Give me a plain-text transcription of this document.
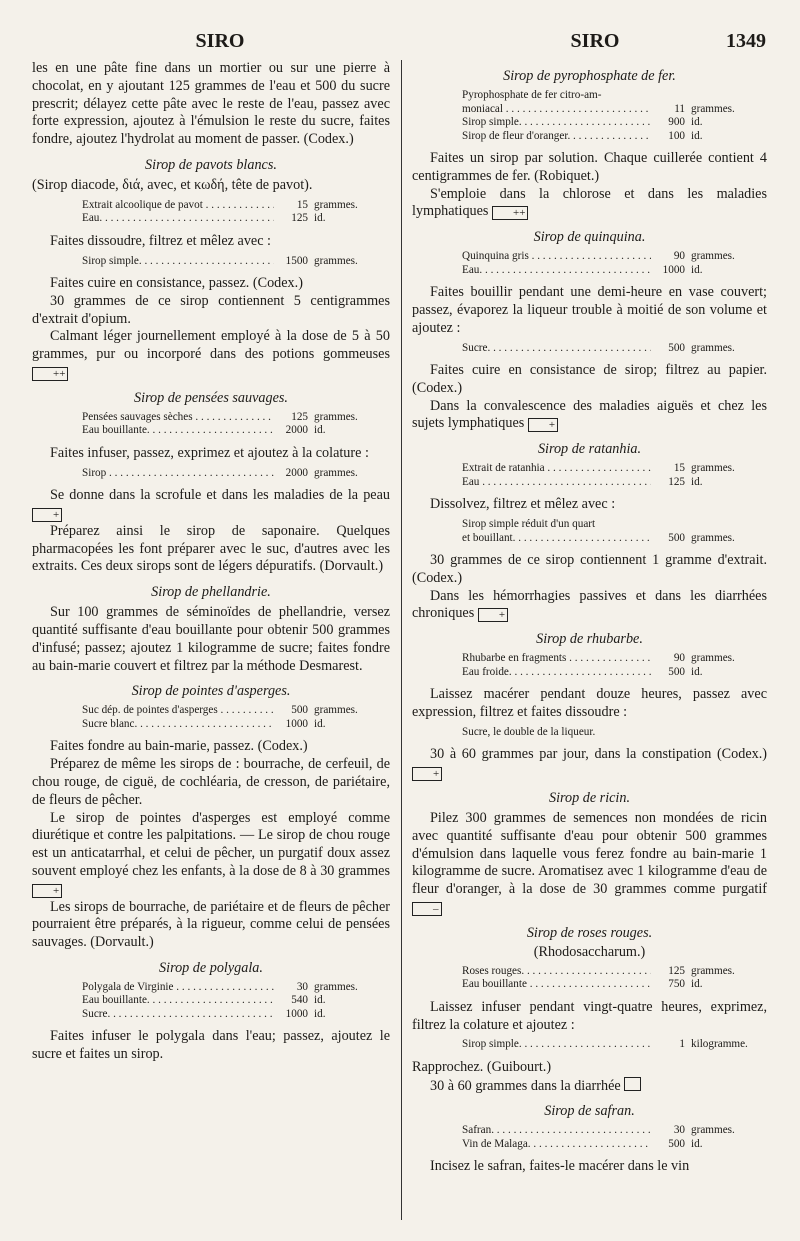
SIRO	SIRO	1349

les en une pâte fine dans un mortier ou sur une pierre à chocolat, en y ajoutant 125 grammes de l'eau et 500 du sucre prescrit; délayez cette pâte avec le reste de l'eau, passez avec forte expression, ajoutez à l'émulsion le reste du sucre, faites fondre, ajoutez l'hydrolat au moment de passer. (Codex.)

Sirop de pavots blancs.

(Sirop diacode, διά, avec, et κωδή, tête de pavot).

Extrait alcoolique de pavot . . . . . .	15 grammes.
Eau. . . . . . . . . . . . . . . . . . .	125 id.

Faites dissoudre, filtrez et mêlez avec :

Sirop simple. . . . . . . . . . . . . .	1500 grammes.

Faites cuire en consistance, passez. (Codex.)

30 grammes de ce sirop contiennent 5 centigrammes d'extrait d'opium.

Calmant léger journellement employé à la dose de 5 à 50 grammes, pur ou incorporé dans des potions gommeuses ++

Sirop de pensées sauvages.
Pensées sauvages sèches . . . . . . .	125 grammes.
Eau bouillante. . . . . . . . . . . .	2000 id.

Faites infuser, passez, exprimez et ajoutez à la colature :

Sirop . . . . . . . . . . . . . . . . .	2000 grammes.

Se donne dans la scrofule et dans les maladies de la peau +

Préparez ainsi le sirop de saponaire. Quelques pharmacopées les font préparer avec le suc, d'autres avec les extraits. Ces deux sirops sont de légers dépuratifs. (Dorvault.)

Sirop de phellandrie.

Sur 100 grammes de séminoïdes de phellandrie, versez quantité suffisante d'eau bouillante pour obtenir 500 grammes d'infusé; passez; ajoutez 1 kilogramme de sucre; faites fondre au bain-marie couvert et filtrez par la méthode Desmarest.

Sirop de pointes d'asperges.
Suc dép. de pointes d'asperges . . . .	500 grammes.
Sucre blanc. . . . . . . . . . . . . .	1000 id.

Faites fondre au bain-marie, passez. (Codex.)

Préparez de même les sirops de : bourrache, de cerfeuil, de chou rouge, de ciguë, de cochléaria, de cresson, de pariétaire, de fleurs de pêcher.

Le sirop de pointes d'asperges est employé comme diurétique et contre les palpitations. — Le sirop de chou rouge est un anticatarrhal, et celui de pêcher, un purgatif doux assez souvent employé chez les enfants, à la dose de 8 à 30 grammes +

Les sirops de bourrache, de pariétaire et de fleurs de pêcher pourraient être préparés, à la rigueur, comme celui de pensées sauvages. (Dorvault.)

Sirop de polygala.
Polygala de Virginie . . . . . . . . .	30 grammes.
Eau bouillante. . . . . . . . . . . .	540 id.
Sucre. . . . . . . . . . . . . . . . .	1000 id.

Faites infuser le polygala dans l'eau; passez, ajoutez le sucre et faites un sirop.

Sirop de pyrophosphate de fer.
Pyrophosphate de fer citro-am-
moniacal . . . . . . . . . . . . .	11 grammes.
Sirop simple. . . . . . . . . . . .	900 id.
Sirop de fleur d'oranger. . . . . . . .	100 id.

Faites un sirop par solution. Chaque cuillerée contient 4 centigrammes de fer. (Robiquet.)

S'emploie dans la chlorose et dans les maladies lymphatiques ++

Sirop de quinquina.
Quinquina gris . . . . . . . . . . . .	90 grammes.
Eau. . . . . . . . . . . . . . . . . .	1000 id.

Faites bouillir pendant une demi-heure en vase couvert; passez, évaporez la liqueur trouble à moitié de son volume et ajoutez :

Sucre. . . . . . . . . . . . . . . . .	500 grammes.

Faites cuire en consistance de sirop; filtrez au papier. (Codex.)

Dans la convalescence des maladies aiguës et chez les sujets lymphatiques +

Sirop de ratanhia.
Extrait de ratanhia . . . . . . . . .	15 grammes.
Eau . . . . . . . . . . . . . . . . .	125 id.

Dissolvez, filtrez et mêlez avec :

Sirop simple réduit d'un quart
et bouillant. . . . . . . . . . . . .	500 grammes.

30 grammes de ce sirop contiennent 1 gramme d'extrait. (Codex.)

Dans les hémorrhagies passives et dans les diarrhées chroniques +

Sirop de rhubarbe.
Rhubarbe en fragments . . . . . . . . .	90 grammes.
Eau froide. . . . . . . . . . . . . .	500 id.

Laissez macérer pendant douze heures, passez avec expression, filtrez et faites dissoudre :

Sucre, le double de la liqueur.

30 à 60 grammes par jour, dans la constipation (Codex.) +

Sirop de ricin.

Pilez 300 grammes de semences non mondées de ricin avec quantité suffisante d'eau pour obtenir 500 grammes d'émulsion dans laquelle vous ferez fondre au bain-marie 1 kilogramme de sucre. Aromatisez avec 1 kilogramme d'eau de fleur d'oranger, à la dose de 30 grammes comme purgatif –

Sirop de roses rouges.
(Rhodosaccharum.)
Roses rouges. . . . . . . . . . . . .	125 grammes.
Eau bouillante . . . . . . . . . . .	750 id.

Laissez infuser pendant vingt-quatre heures, exprimez, filtrez la colature et ajoutez :

Sirop simple. . . . . . . . . . . . .	1 kilogramme.

Rapprochez. (Guibourt.)

30 à 60 grammes dans la diarrhée

Sirop de safran.
Safran. . . . . . . . . . . . . . . .	30 grammes.
Vin de Malaga. . . . . . . . . . . .	500 id.

Incisez le safran, faites-le macérer dans le vin
